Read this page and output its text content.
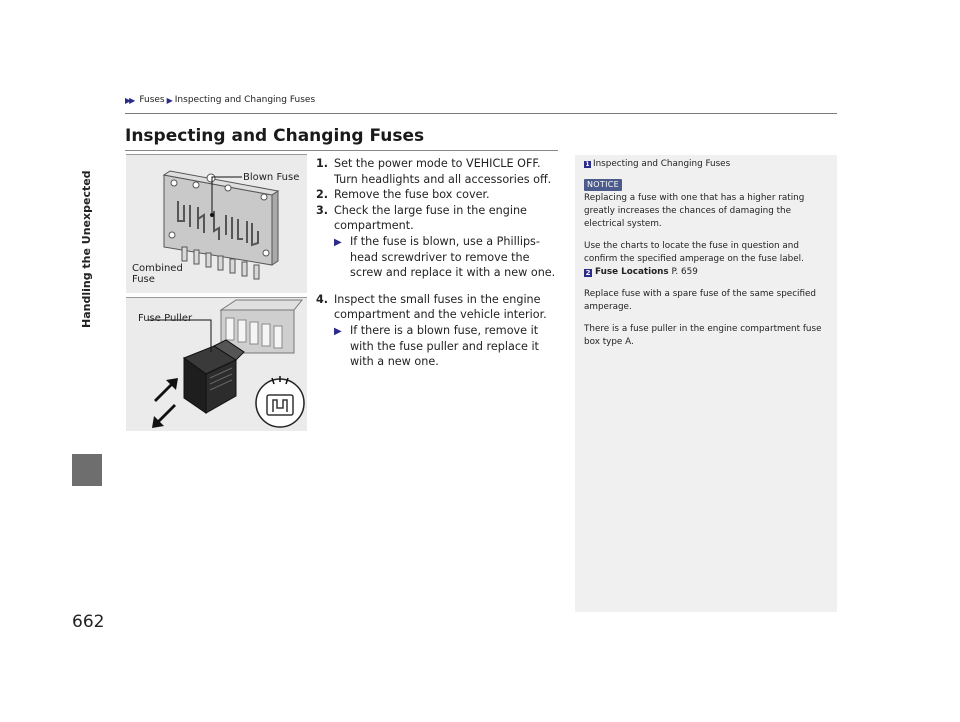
▶▶ Fuses ▶ Inspecting and Changing Fuses
Handling the Unexpected
662
Inspecting and Changing Fuses
Blown Fuse
Combined
Fuse
Fuse Puller
1. Set the power mode to VEHICLE OFF. Turn headlights and all accessories off.
2. Remove the fuse box cover.
3. Check the large fuse in the engine compartment.
▶ If the fuse is blown, use a Phillips-head screwdriver to remove the screw and replace it with a new one.
4. Inspect the small fuses in the engine compartment and the vehicle interior.
▶ If there is a blown fuse, remove it with the fuse puller and replace it with a new one.
1 Inspecting and Changing Fuses
NOTICE

Replacing a fuse with one that has a higher rating greatly increases the chances of damaging the electrical system.

Use the charts to locate the fuse in question and confirm the specified amperage on the fuse label.

2 Fuse Locations P. 659

Replace fuse with a spare fuse of the same specified amperage.

There is a fuse puller in the engine compartment fuse box type A.
